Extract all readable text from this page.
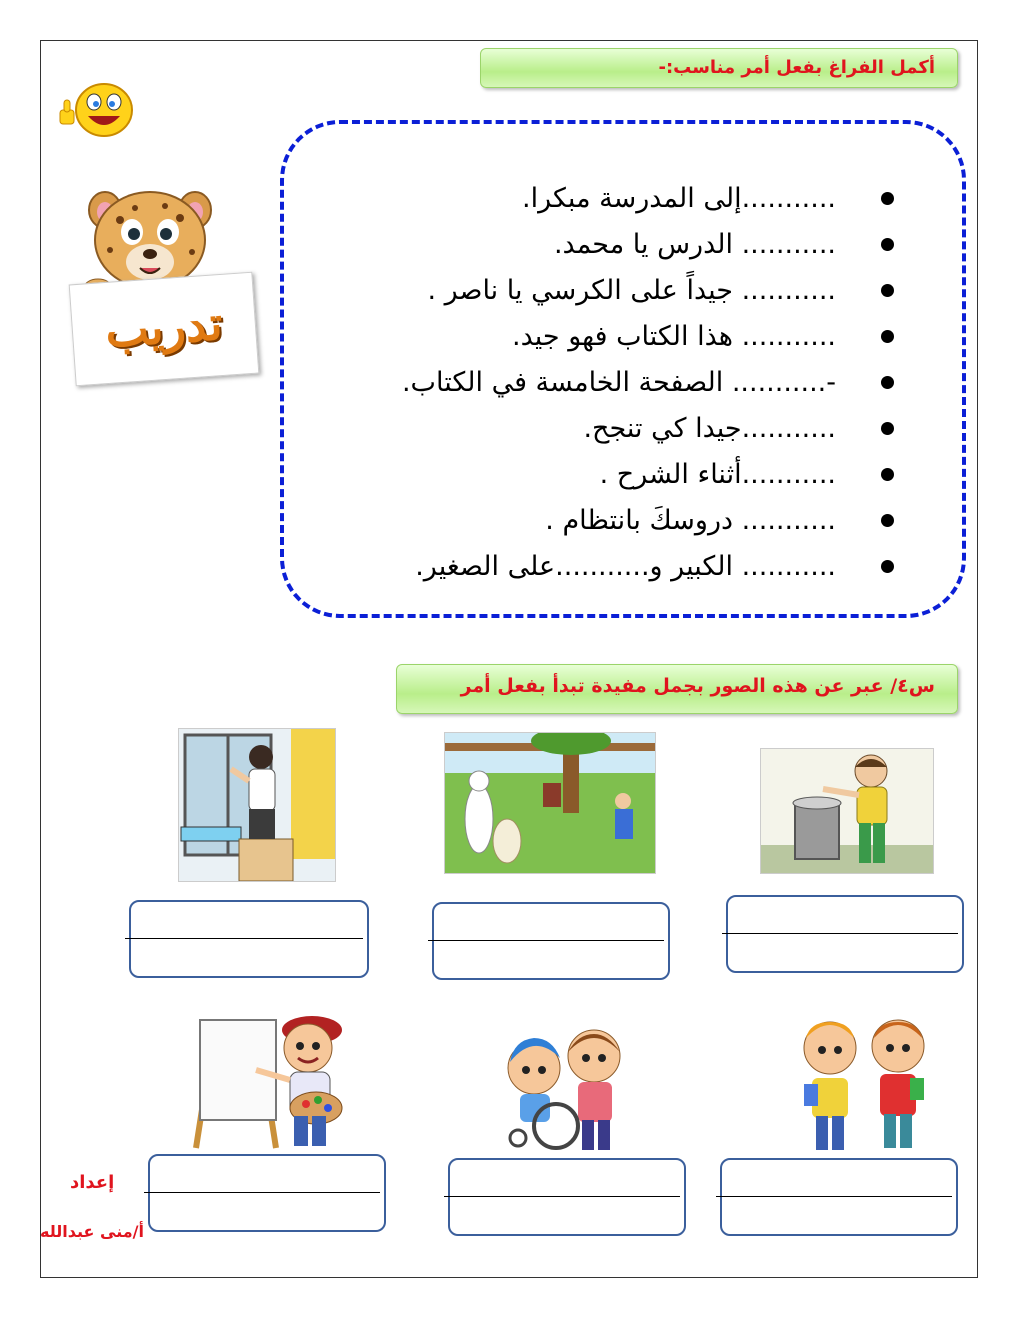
أكمل الفراغ بفعل أمر مناسب:-
تدريب
...........إلى المدرسة مبكرا.
........... الدرس يا محمد.
........... جيداً على الكرسي يا ناصر .
........... هذا الكتاب فهو جيد.
-........... الصفحة الخامسة في الكتاب.
...........جيدا كي تنجح.
...........أثناء الشرح .
........... دروسكَ بانتظام .
........... الكبير و...........على الصغير.
س٤/ عبر عن هذه الصور بجمل مفيدة تبدأ بفعل أمر
إعداد
أ/منى عبدالله
